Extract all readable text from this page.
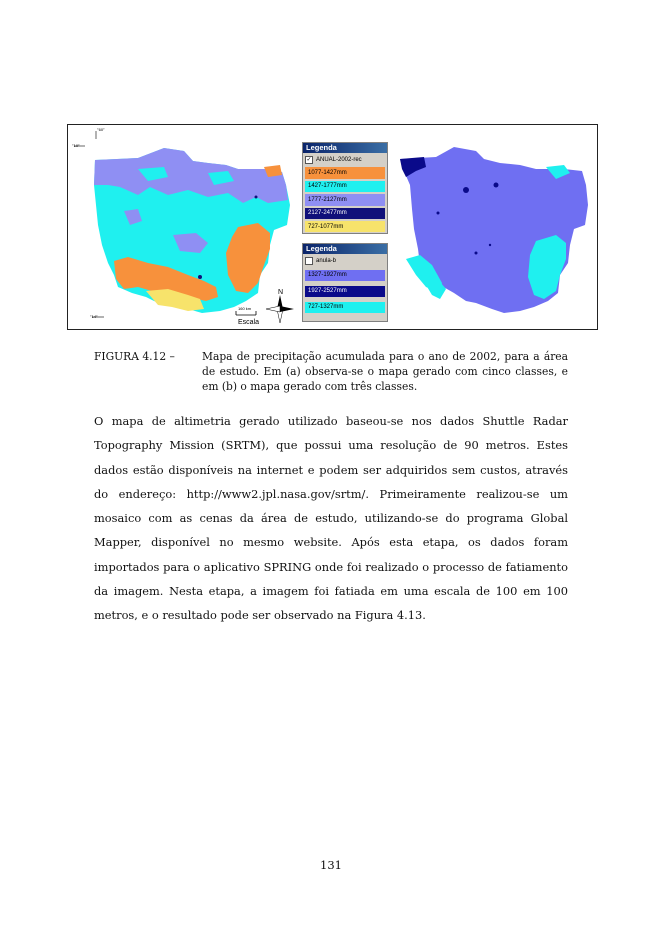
160 km
Escala
N
°60°
°10°
°14°
Legenda
✓ ANUAL-2002-rec
1077-1427mm
1427-1777mm
1777-2127mm
2127-2477mm
727-1077mm
Legenda
anula-b
1327-1927mm
1927-2527mm
727-1327mm
FIGURA 4.12 –	Mapa de precipitação acumulada para o ano de 2002, para a área de estudo. Em (a) observa-se o mapa gerado com cinco classes, e em (b) o mapa gerado com três classes.
O mapa de altimetria gerado utilizado baseou-se nos dados Shuttle Radar Topography Mission (SRTM), que possui uma resolução de 90 metros. Estes dados estão disponíveis na internet e podem ser adquiridos sem custos, através do endereço: http://www2.jpl.nasa.gov/srtm/. Primeiramente realizou-se um mosaico com as cenas da área de estudo, utilizando-se do programa Global Mapper, disponível no mesmo website. Após esta etapa, os dados foram importados para o aplicativo SPRING onde foi realizado o processo de fatiamento da imagem. Nesta etapa, a imagem foi fatiada em uma escala de 100 em 100 metros, e o resultado pode ser observado na Figura 4.13.
131
